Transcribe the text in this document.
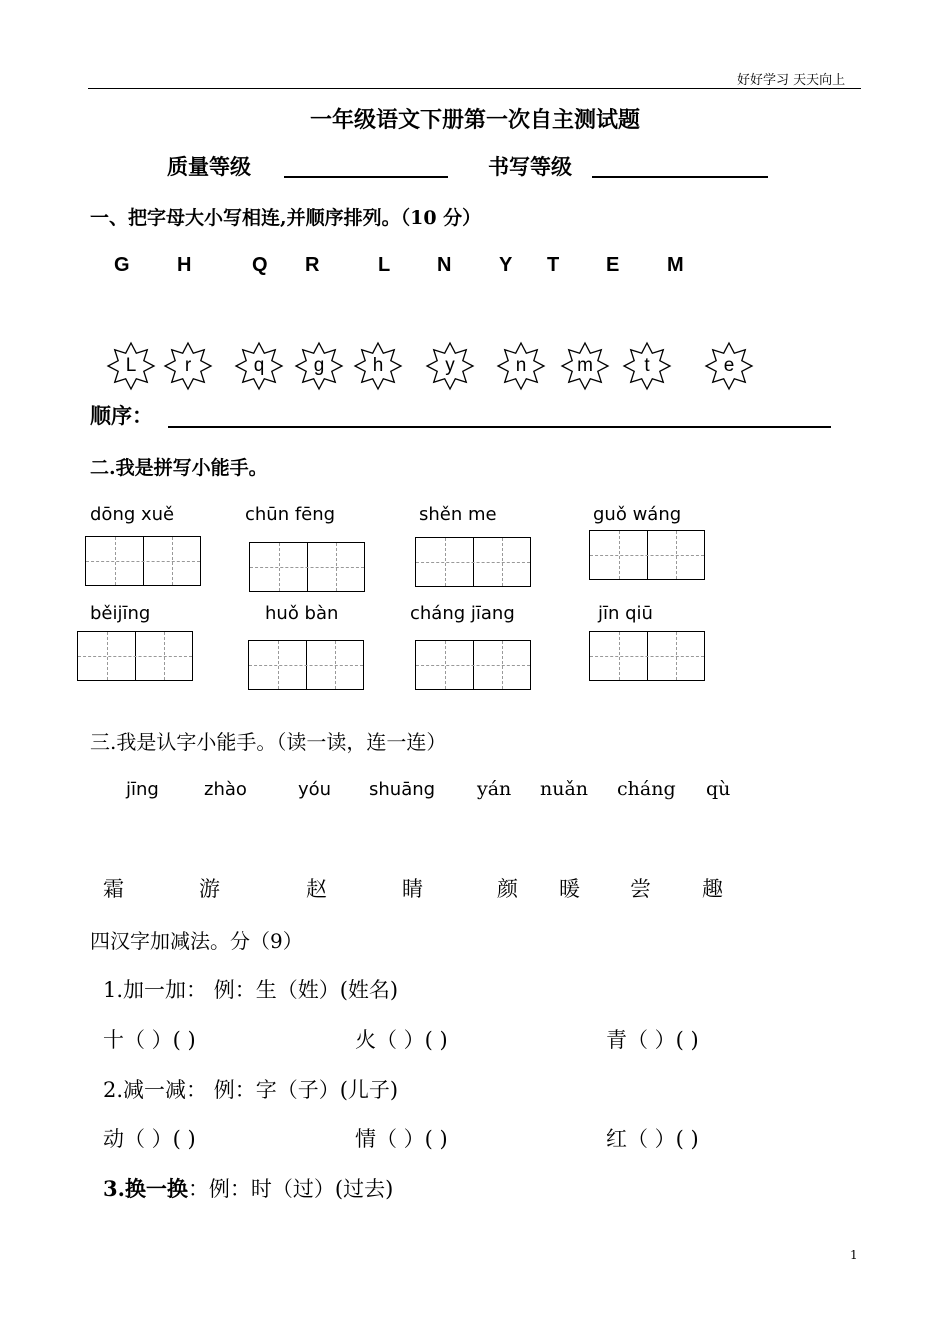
好好学习 天天向上
一年级语文下册第一次自主测试题
质量等级	书写等级
一、把字母大小写相连,并顺序排列。（10 分）
G H	Q R	L N Y T E M
L	r	q	g	h	y	n	m	t	e
顺序：
二.我是拼写小能手。
dōng xuě	chūn fēng	shěn me	guǒ wáng
běijīng	huǒ bàn	cháng jīang	jīn qiū
三.我是认字小能手。（读一读，连一连）
jīng	zhào	yóu shuāng yán nuǎn cháng qù
霜	游	赵	睛	颜 暖 尝 趣
四汉字加减法。分（9）
1.加一加： 例：生（姓）(姓名)
十（ ）( )	火（ ）( )	青（ ）( )
2.减一减： 例：字（子）(儿子)
动（ ）( )	情（ ）( )	红（ ）( )
3.换一换：例：时（过）(过去)
1
